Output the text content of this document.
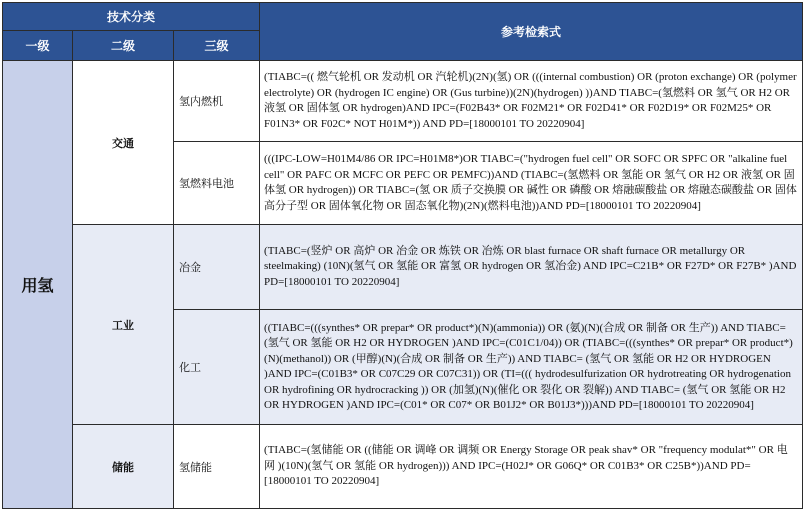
技术分类			参考检索式
一级	二级	三级	
用氢	交通	氢内燃机	(TIABC=(( 燃气轮机 OR 发动机 OR 汽轮机)(2N)(氢) OR (((internal combustion) OR (proton exchange) OR (polymer electrolyte) OR (hydrogen IC engine) OR (Gus turbine))(2N)(hydrogen) ))AND TIABC=(氢燃料 OR 氢气 OR H2 OR 液氢 OR 固体氢 OR hydrogen)AND IPC=(F02B43* OR F02M21* OR F02D41* OR F02D19* OR F02M25* OR F01N3* OR F02C* NOT H01M*)) AND PD=[18000101 TO 20220904]
		氢燃料电池	(((IPC-LOW=H01M4/86 OR IPC=H01M8*)OR TIABC=("hydrogen fuel cell" OR SOFC OR SPFC OR "alkaline fuel cell" OR PAFC OR MCFC OR PEFC OR PEMFC))AND (TIABC=(氢燃料 OR 氢能 OR 氢气 OR H2 OR 液氢 OR 固体氢 OR hydrogen)) OR TIABC=(氢 OR 质子交换膜 OR 碱性 OR 磷酸 OR 熔融碳酸盐 OR 熔融态碳酸盐 OR 固体高分子型 OR 固体氧化物 OR 固态氧化物)(2N)(燃料电池))AND PD=[18000101 TO 20220904]
	工业	冶金	(TIABC=(竖炉 OR 高炉 OR 冶金 OR 炼铁 OR 冶炼 OR blast furnace OR shaft furnace OR metallurgy OR steelmaking) (10N)(氢气 OR 氢能 OR 富氢 OR hydrogen OR 氢冶金) AND IPC=C21B* OR F27D* OR F27B* )AND PD=[18000101 TO 20220904]
		化工	((TIABC=(((synthes* OR prepar* OR product*)(N)(ammonia)) OR (氨)(N)(合成 OR 制备 OR 生产)) AND TIABC= (氢气 OR 氢能 OR H2 OR HYDROGEN )AND IPC=(C01C1/04)) OR (TIABC=(((synthes* OR prepar* OR product*)(N)(methanol)) OR (甲醇)(N)(合成 OR 制备 OR 生产)) AND TIABC= (氢气 OR 氢能 OR H2 OR HYDROGEN )AND IPC=(C01B3* OR C07C29 OR C07C31)) OR (TI=((( hydrodesulfurization OR hydrotreating OR hydrogenation OR hydrofining OR hydrocracking )) OR (加氢)(N)(催化 OR 裂化 OR 裂解)) AND TIABC= (氢气 OR 氢能 OR H2 OR HYDROGEN )AND IPC=(C01* OR C07* OR B01J2* OR B01J3*)))AND PD=[18000101 TO 20220904]
	储能	氢储能	(TIABC=(氢储能 OR ((储能 OR 调峰 OR 调频 OR Energy Storage OR peak shav* OR "frequency modulat*" OR 电网 )(10N)(氢气 OR 氢能 OR hydrogen))) AND IPC=(H02J* OR G06Q* OR C01B3* OR C25B*))AND PD=[18000101 TO 20220904]
